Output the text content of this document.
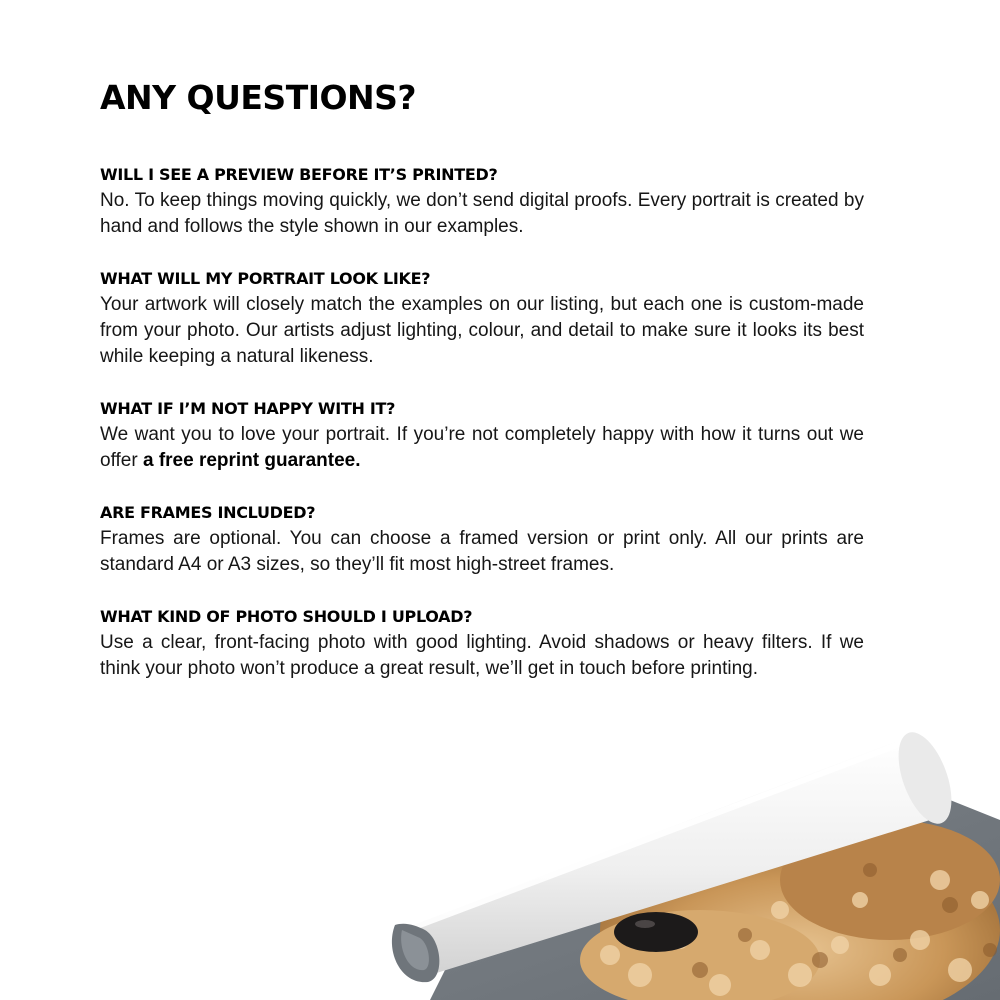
ANY QUESTIONS?

WILL I SEE A PREVIEW BEFORE IT’S PRINTED?

No. To keep things moving quickly, we don’t send digital proofs. Every portrait is created by hand and follows the style shown in our examples.

WHAT WILL MY PORTRAIT LOOK LIKE?

Your artwork will closely match the examples on our listing, but each one is custom-made from your photo. Our artists adjust lighting, colour, and detail to make sure it looks its best while keeping a natural likeness.

WHAT IF I’M NOT HAPPY WITH IT?

We want you to love your portrait. If you’re not completely happy with how it turns out we offer a free reprint guarantee.

ARE FRAMES INCLUDED?

Frames are optional. You can choose a framed version or print only. All our prints are standard A4 or A3 sizes, so they’ll fit most high-street frames.

WHAT KIND OF PHOTO SHOULD I UPLOAD?

Use a clear, front-facing photo with good lighting. Avoid shadows or heavy filters. If we think your photo won’t produce a great result, we’ll get in touch before printing.
